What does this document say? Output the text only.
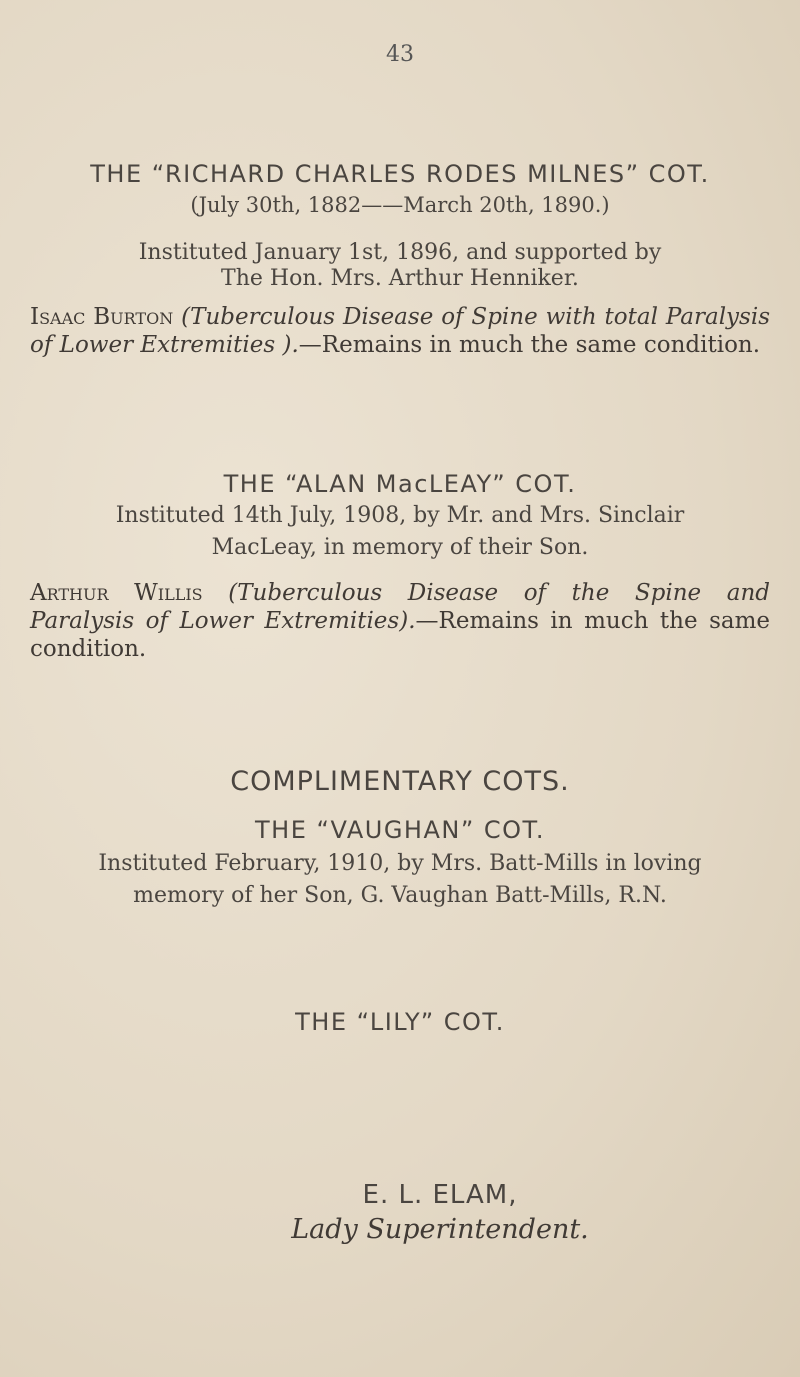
43
THE “RICHARD CHARLES RODES MILNES” COT.
(July 30th, 1882——March 20th, 1890.)
Instituted January 1st, 1896, and supported by
The Hon. Mrs. Arthur Henniker.
Isaac Burton (Tuberculous Disease of Spine with total Paralysis
of Lower Extremities ).—Remains in much the same condition.
THE “ALAN MacLEAY” COT.
Instituted 14th July, 1908, by Mr. and Mrs. Sinclair
MacLeay, in memory of their Son.
Arthur Willis (Tuberculous Disease of the Spine and
Paralysis of Lower Extremities).—Remains in much the same
condition.
COMPLIMENTARY COTS.
THE “VAUGHAN” COT.
Instituted February, 1910, by Mrs. Batt-Mills in loving
memory of her Son, G. Vaughan Batt-Mills, R.N.
THE “LILY” COT.
E. L. ELAM,
Lady Superintendent.
